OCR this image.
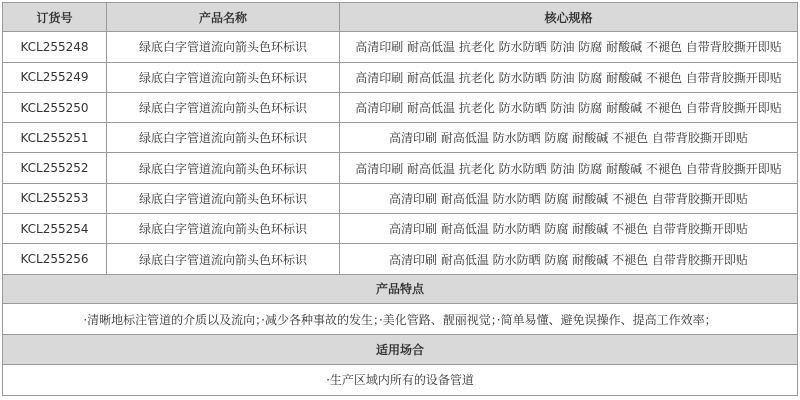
订货号	产品名称	核心规格
KCL255248	绿底白字管道流向箭头色环标识	高清印刷 耐高低温 抗老化 防水防晒 防油 防腐 耐酸碱 不褪色 自带背胶撕开即贴
KCL255249	绿底白字管道流向箭头色环标识	高清印刷 耐高低温 抗老化 防水防晒 防油 防腐 耐酸碱 不褪色 自带背胶撕开即贴
KCL255250	绿底白字管道流向箭头色环标识	高清印刷 耐高低温 抗老化 防水防晒 防油 防腐 耐酸碱 不褪色 自带背胶撕开即贴
KCL255251	绿底白字管道流向箭头色环标识	高清印刷 耐高低温 防水防晒 防腐 耐酸碱 不褪色 自带背胶撕开即贴
KCL255252	绿底白字管道流向箭头色环标识	高清印刷 耐高低温 抗老化 防水防晒 防油 防腐 耐酸碱 不褪色 自带背胶撕开即贴
KCL255253	绿底白字管道流向箭头色环标识	高清印刷 耐高低温 防水防晒 防腐 耐酸碱 不褪色 自带背胶撕开即贴
KCL255254	绿底白字管道流向箭头色环标识	高清印刷 耐高低温 防水防晒 防腐 耐酸碱 不褪色 自带背胶撕开即贴
KCL255256	绿底白字管道流向箭头色环标识	高清印刷 耐高低温 防水防晒 防腐 耐酸碱 不褪色 自带背胶撕开即贴
产品特点		
·清晰地标注管道的介质以及流向；·减少各种事故的发生；·美化管路、靓丽视觉；·简单易懂、避免误操作、提高工作效率；		
适用场合		
·生产区域内所有的设备管道		
